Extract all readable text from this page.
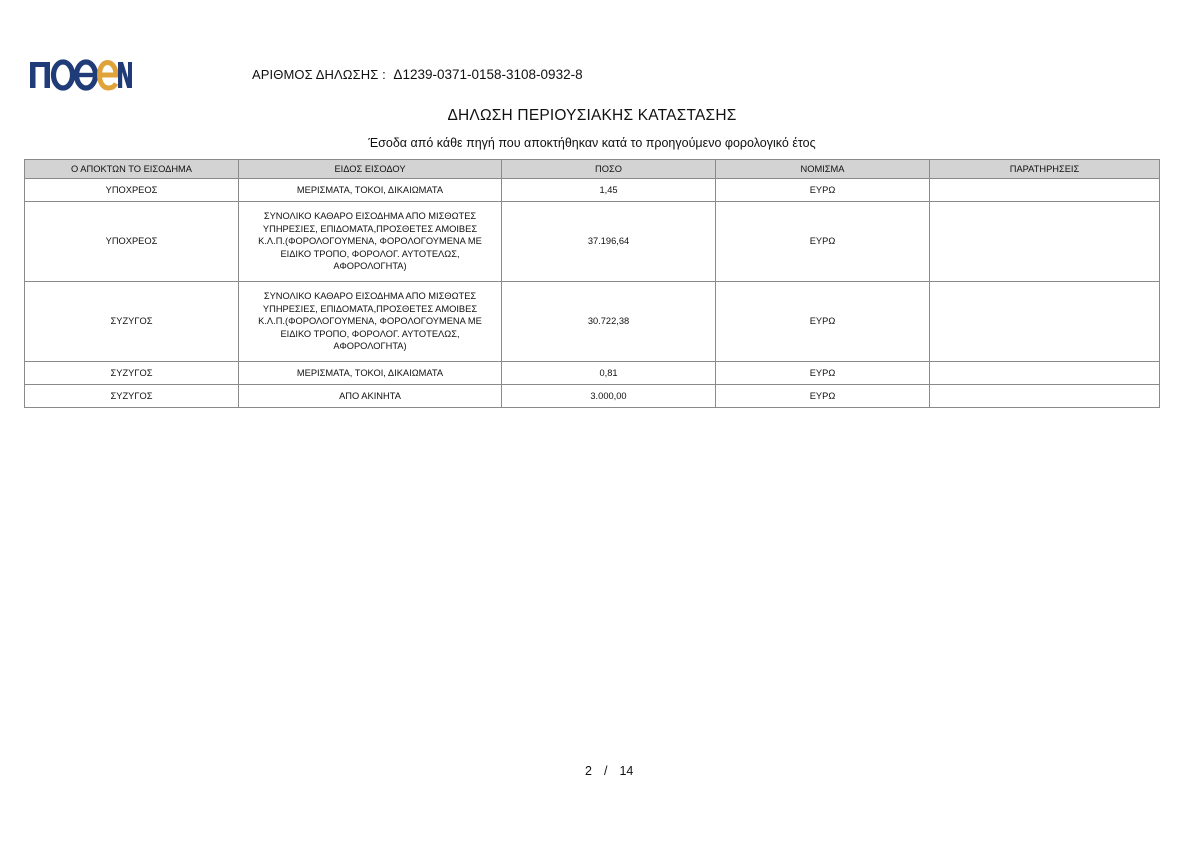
ΑΡΙΘΜΟΣ ΔΗΛΩΣΗΣ : Δ1239-0371-0158-3108-0932-8
ΔΗΛΩΣΗ ΠΕΡΙΟΥΣΙΑΚΗΣ ΚΑΤΑΣΤΑΣΗΣ
Έσοδα από κάθε πηγή που αποκτήθηκαν κατά το προηγούμενο φορολογικό έτος
Ο ΑΠΟΚΤΩΝ ΤΟ ΕΙΣΟΔΗΜΑ	ΕΙΔΟΣ ΕΙΣΟΔΟΥ	ΠΟΣΟ	ΝΟΜΙΣΜΑ	ΠΑΡΑΤΗΡΗΣΕΙΣ
ΥΠΟΧΡΕΟΣ	ΜΕΡΙΣΜΑΤΑ, ΤΟΚΟΙ, ΔΙΚΑΙΩΜΑΤΑ	1,45	ΕΥΡΩ	
ΥΠΟΧΡΕΟΣ	ΣΥΝΟΛΙΚΟ ΚΑΘΑΡΟ ΕΙΣΟΔΗΜΑ ΑΠΟ ΜΙΣΘΩΤΕΣ ΥΠΗΡΕΣΙΕΣ, ΕΠΙΔΟΜΑΤΑ,ΠΡΟΣΘΕΤΕΣ ΑΜΟΙΒΕΣ Κ.Λ.Π.(ΦΟΡΟΛΟΓΟΥΜΕΝΑ, ΦΟΡΟΛΟΓΟΥΜΕΝΑ ΜΕ ΕΙΔΙΚΟ ΤΡΟΠΟ, ΦΟΡΟΛΟΓ. ΑΥΤΟΤΕΛΩΣ, ΑΦΟΡΟΛΟΓΗΤΑ)	37.196,64	ΕΥΡΩ	
ΣΥΖΥΓΟΣ	ΣΥΝΟΛΙΚΟ ΚΑΘΑΡΟ ΕΙΣΟΔΗΜΑ ΑΠΟ ΜΙΣΘΩΤΕΣ ΥΠΗΡΕΣΙΕΣ, ΕΠΙΔΟΜΑΤΑ,ΠΡΟΣΘΕΤΕΣ ΑΜΟΙΒΕΣ Κ.Λ.Π.(ΦΟΡΟΛΟΓΟΥΜΕΝΑ, ΦΟΡΟΛΟΓΟΥΜΕΝΑ ΜΕ ΕΙΔΙΚΟ ΤΡΟΠΟ, ΦΟΡΟΛΟΓ. ΑΥΤΟΤΕΛΩΣ, ΑΦΟΡΟΛΟΓΗΤΑ)	30.722,38	ΕΥΡΩ	
ΣΥΖΥΓΟΣ	ΜΕΡΙΣΜΑΤΑ, ΤΟΚΟΙ, ΔΙΚΑΙΩΜΑΤΑ	0,81	ΕΥΡΩ	
ΣΥΖΥΓΟΣ	ΑΠΟ ΑΚΙΝΗΤΑ	3.000,00	ΕΥΡΩ	
2 / 14
